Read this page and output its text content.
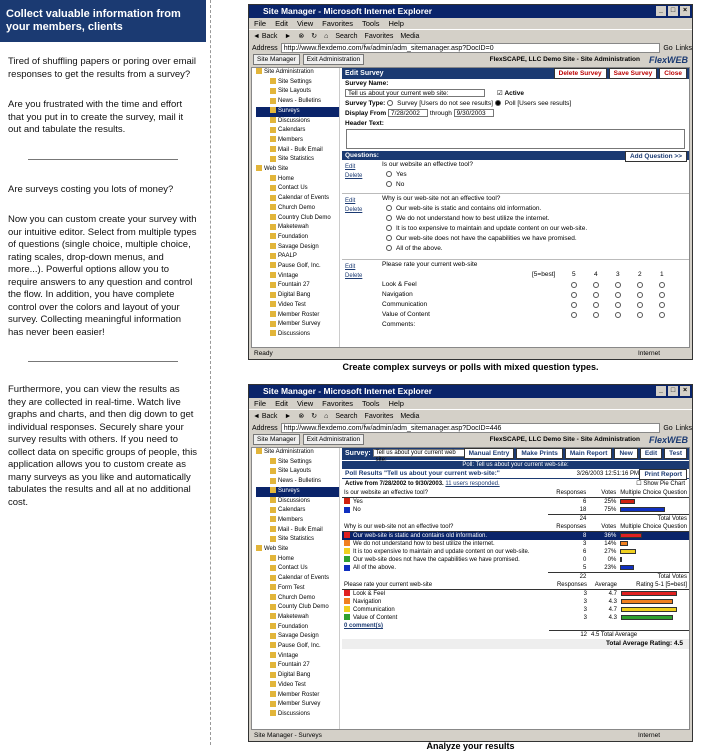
Collect valuable information from your members, clients

Tired of shuffling papers or poring over email responses to get the results from a survey?

Are you frustrated with the time and effort that you put in to create the survey, mail it out and tabulate the results.

Are surveys costing you lots of money?

Now you can custom create your survey with our intuitive editor. Select from multiple types of questions (single choice, multiple choice, rating scales, drop-down menus, and more...). Powerful options allow you to require answers to any question and control the flow. In addition, you have complete control over the colors and layout of your survey. Collecting meaningful information has never been easier!

Furthermore, you can view the results as they are collected in real-time. Watch live graphs and charts, and then dig down to get individual responses. Securely share your survey results with others. If you need to collect data on specific groups of people, this application allows you to custom create as many surveys as you like and automatically tabulates the results and all at no additional cost.

Site Manager - Microsoft Internet Explorer	_	□	×
File Edit View Favorites Tools Help
◄ Back ► ⊗ ↻ ⌂ Search Favorites Media
Address http://www.flexdemo.com/fw/admin/adm_sitemanager.asp?DocID=0	Go Links
Site Manager	Exit Administration	FlexSCAPE, LLC Demo Site - Site Administration FlexWEB
Site Administration
Site Settings
Site Layouts
News - Bulletins
Surveys
Discussions
Calendars
Members
Mail - Bulk Email
Site Statistics
Web Site
Home
Contact Us
Calendar of Events
Church Demo
Country Club Demo
Maketewah
Foundation
Savage Design
PAALP
Pause Golf, Inc.
Vintage
Fountain 27
Digital Bang
Video Test
Member Roster
Member Survey
Discussions
Edit Survey	Delete Survey	Save Survey	Close
Survey Name:
Tell us about your current web site:	☑ Active
Survey Type: Survey [Users do not see results] Poll [Users see results]
Display From 7/28/2002 through 9/30/2003
Header Text:
Questions:	Add Question >>
Edit
Delete
Is our website an effective tool?
Yes
No
Edit
Delete
Why is our web-site not an effective tool?
Our web-site is static and contains old information.
We do not understand how to best utilize the internet.
It is too expensive to maintain and update content on our web-site.
Our web-site does not have the capabilities we have promised.
All of the above.
Edit
Delete
Please rate your current web-site
[5=best]	5	4	3	2	1
Look & Feel
Navigation
Communication
Value of Content
Comments:
Ready	Internet
Create complex surveys or polls with mixed question types.
Site Manager - Microsoft Internet Explorer	_	□	×
File Edit View Favorites Tools Help
◄ Back ► ⊗ ↻ ⌂ Search Favorites Media
Address http://www.flexdemo.com/fw/admin/adm_sitemanager.asp?DocID=446	Go Links
Site Manager	Exit Administration	FlexSCAPE, LLC Demo Site - Site Administration FlexWEB
Site Administration
Site Settings
Site Layouts
News - Bulletins
Surveys
Discussions
Calendars
Members
Mail - Bulk Email
Site Statistics
Web Site
Home
Contact Us
Calendar of Events
Form Test
Church Demo
County Club Demo
Maketewah
Foundation
Savage Design
Pause Golf, Inc.
Vintage
Fountain 27
Digital Bang
Video Test
Member Roster
Member Survey
Discussions
Survey: Tell us about your current web site:
Manual Entry	Make Prints	Main Report	New	Edit	Test
Poll: Tell us about your current web-site:
Poll Results "Tell us about your current web-site:"	3/26/2003 12:51:16 PM Print Report
Active from 7/28/2002 to 9/30/2003. 11 users responded.	☐ Show Pie Chart
Is our website an effective tool?	Responses	Votes	Multiple Choice Question
Yes	6	25%	
No	18	75%	
	24		Total Votes
Why is our web-site not an effective tool?	Responses	Votes	Multiple Choice Question
Our web-site is static and contains old information.	8	36%	
We do not understand how to best utilize the internet.	3	14%	
It is too expensive to maintain and update content on our web-site.	6	27%	
Our web-site does not have the capabilities we have promised.	0	0%	
All of the above.	5	23%	
	22		Total Votes
Please rate your current web-site	Responses	Average	Rating 5-1 [5=best]
Look & Feel	3	4.7	
Navigation	3	4.3	
Communication	3	4.7	
Value of Content	3	4.3	
0 comment(s)			
	12	4.5 Total Average	
Total Average Rating: 4.5
Site Manager - Surveys	Internet
Analyze your results
